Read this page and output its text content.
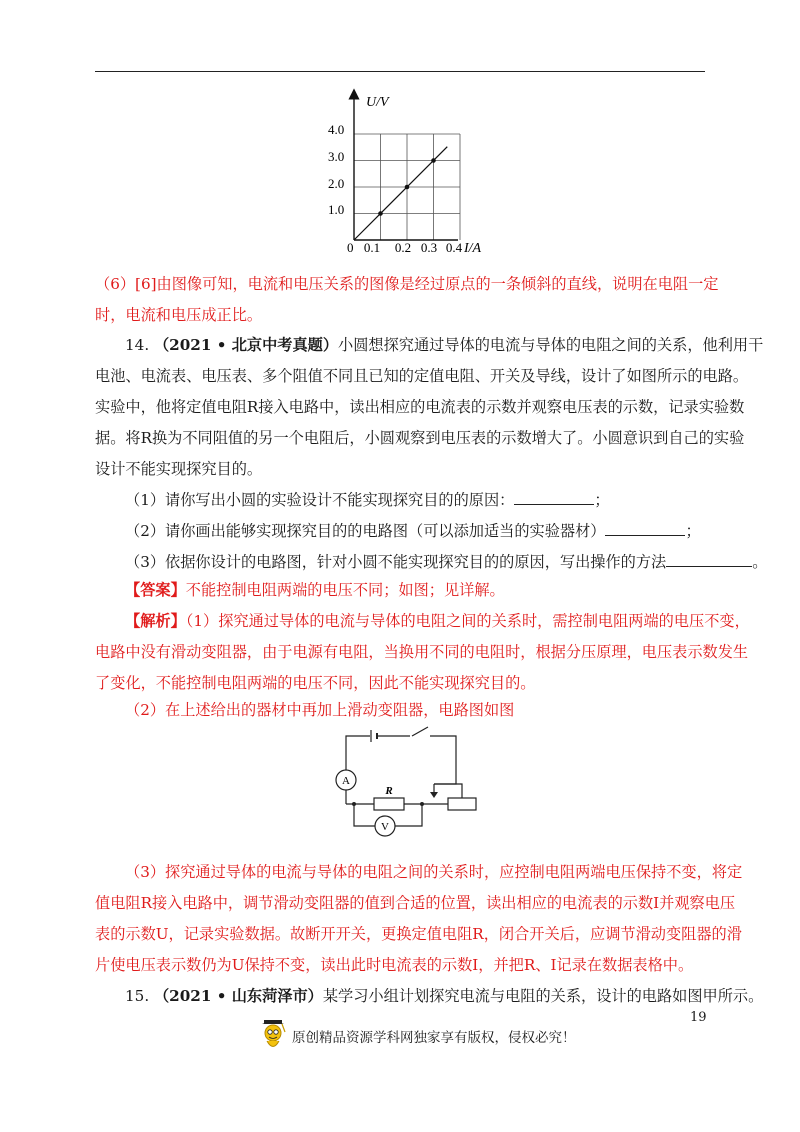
U/V
0
1.0
2.0
3.0
4.0
0.1 0.2 0.3 0.4 I/A
（6）[6]由图像可知，电流和电压关系的图像是经过原点的一条倾斜的直线，说明在电阻一定
时，电流和电压成正比。
14. （2021 • 北京中考真题）小圆想探究通过导体的电流与导体的电阻之间的关系，他利用干
电池、电流表、电压表、多个阻值不同且已知的定值电阻、开关及导线，设计了如图所示的电路。
实验中，他将定值电阻R接入电路中，读出相应的电流表的示数并观察电压表的示数，记录实验数
据。将R换为不同阻值的另一个电阻后，小圆观察到电压表的示数增大了。小圆意识到自己的实验
设计不能实现探究目的。
（1）请你写出小圆的实验设计不能实现探究目的的原因：	；
（2）请你画出能够实现探究目的的电路图（可以添加适当的实验器材）	；
（3）依据你设计的电路图，针对小圆不能实现探究目的的原因，写出操作的方法	。
【答案】不能控制电阻两端的电压不同；如图；见详解。
【解析】（1）探究通过导体的电流与导体的电阻之间的关系时，需控制电阻两端的电压不变，
电路中没有滑动变阻器，由于电源有电阻，当换用不同的电阻时，根据分压原理，电压表示数发生
了变化，不能控制电阻两端的电压不同，因此不能实现探究目的。
（2）在上述给出的器材中再加上滑动变阻器，电路图如图
A
R
V
（3）探究通过导体的电流与导体的电阻之间的关系时，应控制电阻两端电压保持不变，将定
值电阻R接入电路中，调节滑动变阻器的值到合适的位置，读出相应的电流表的示数I并观察电压
表的示数U，记录实验数据。故断开开关，更换定值电阻R，闭合开关后，应调节滑动变阻器的滑
片使电压表示数仍为U保持不变，读出此时电流表的示数I，并把R、I记录在数据表格中。
15. （2021 • 山东菏泽市）某学习小组计划探究电流与电阻的关系，设计的电路如图甲所示。
19
原创精品资源学科网独家享有版权，侵权必究！
